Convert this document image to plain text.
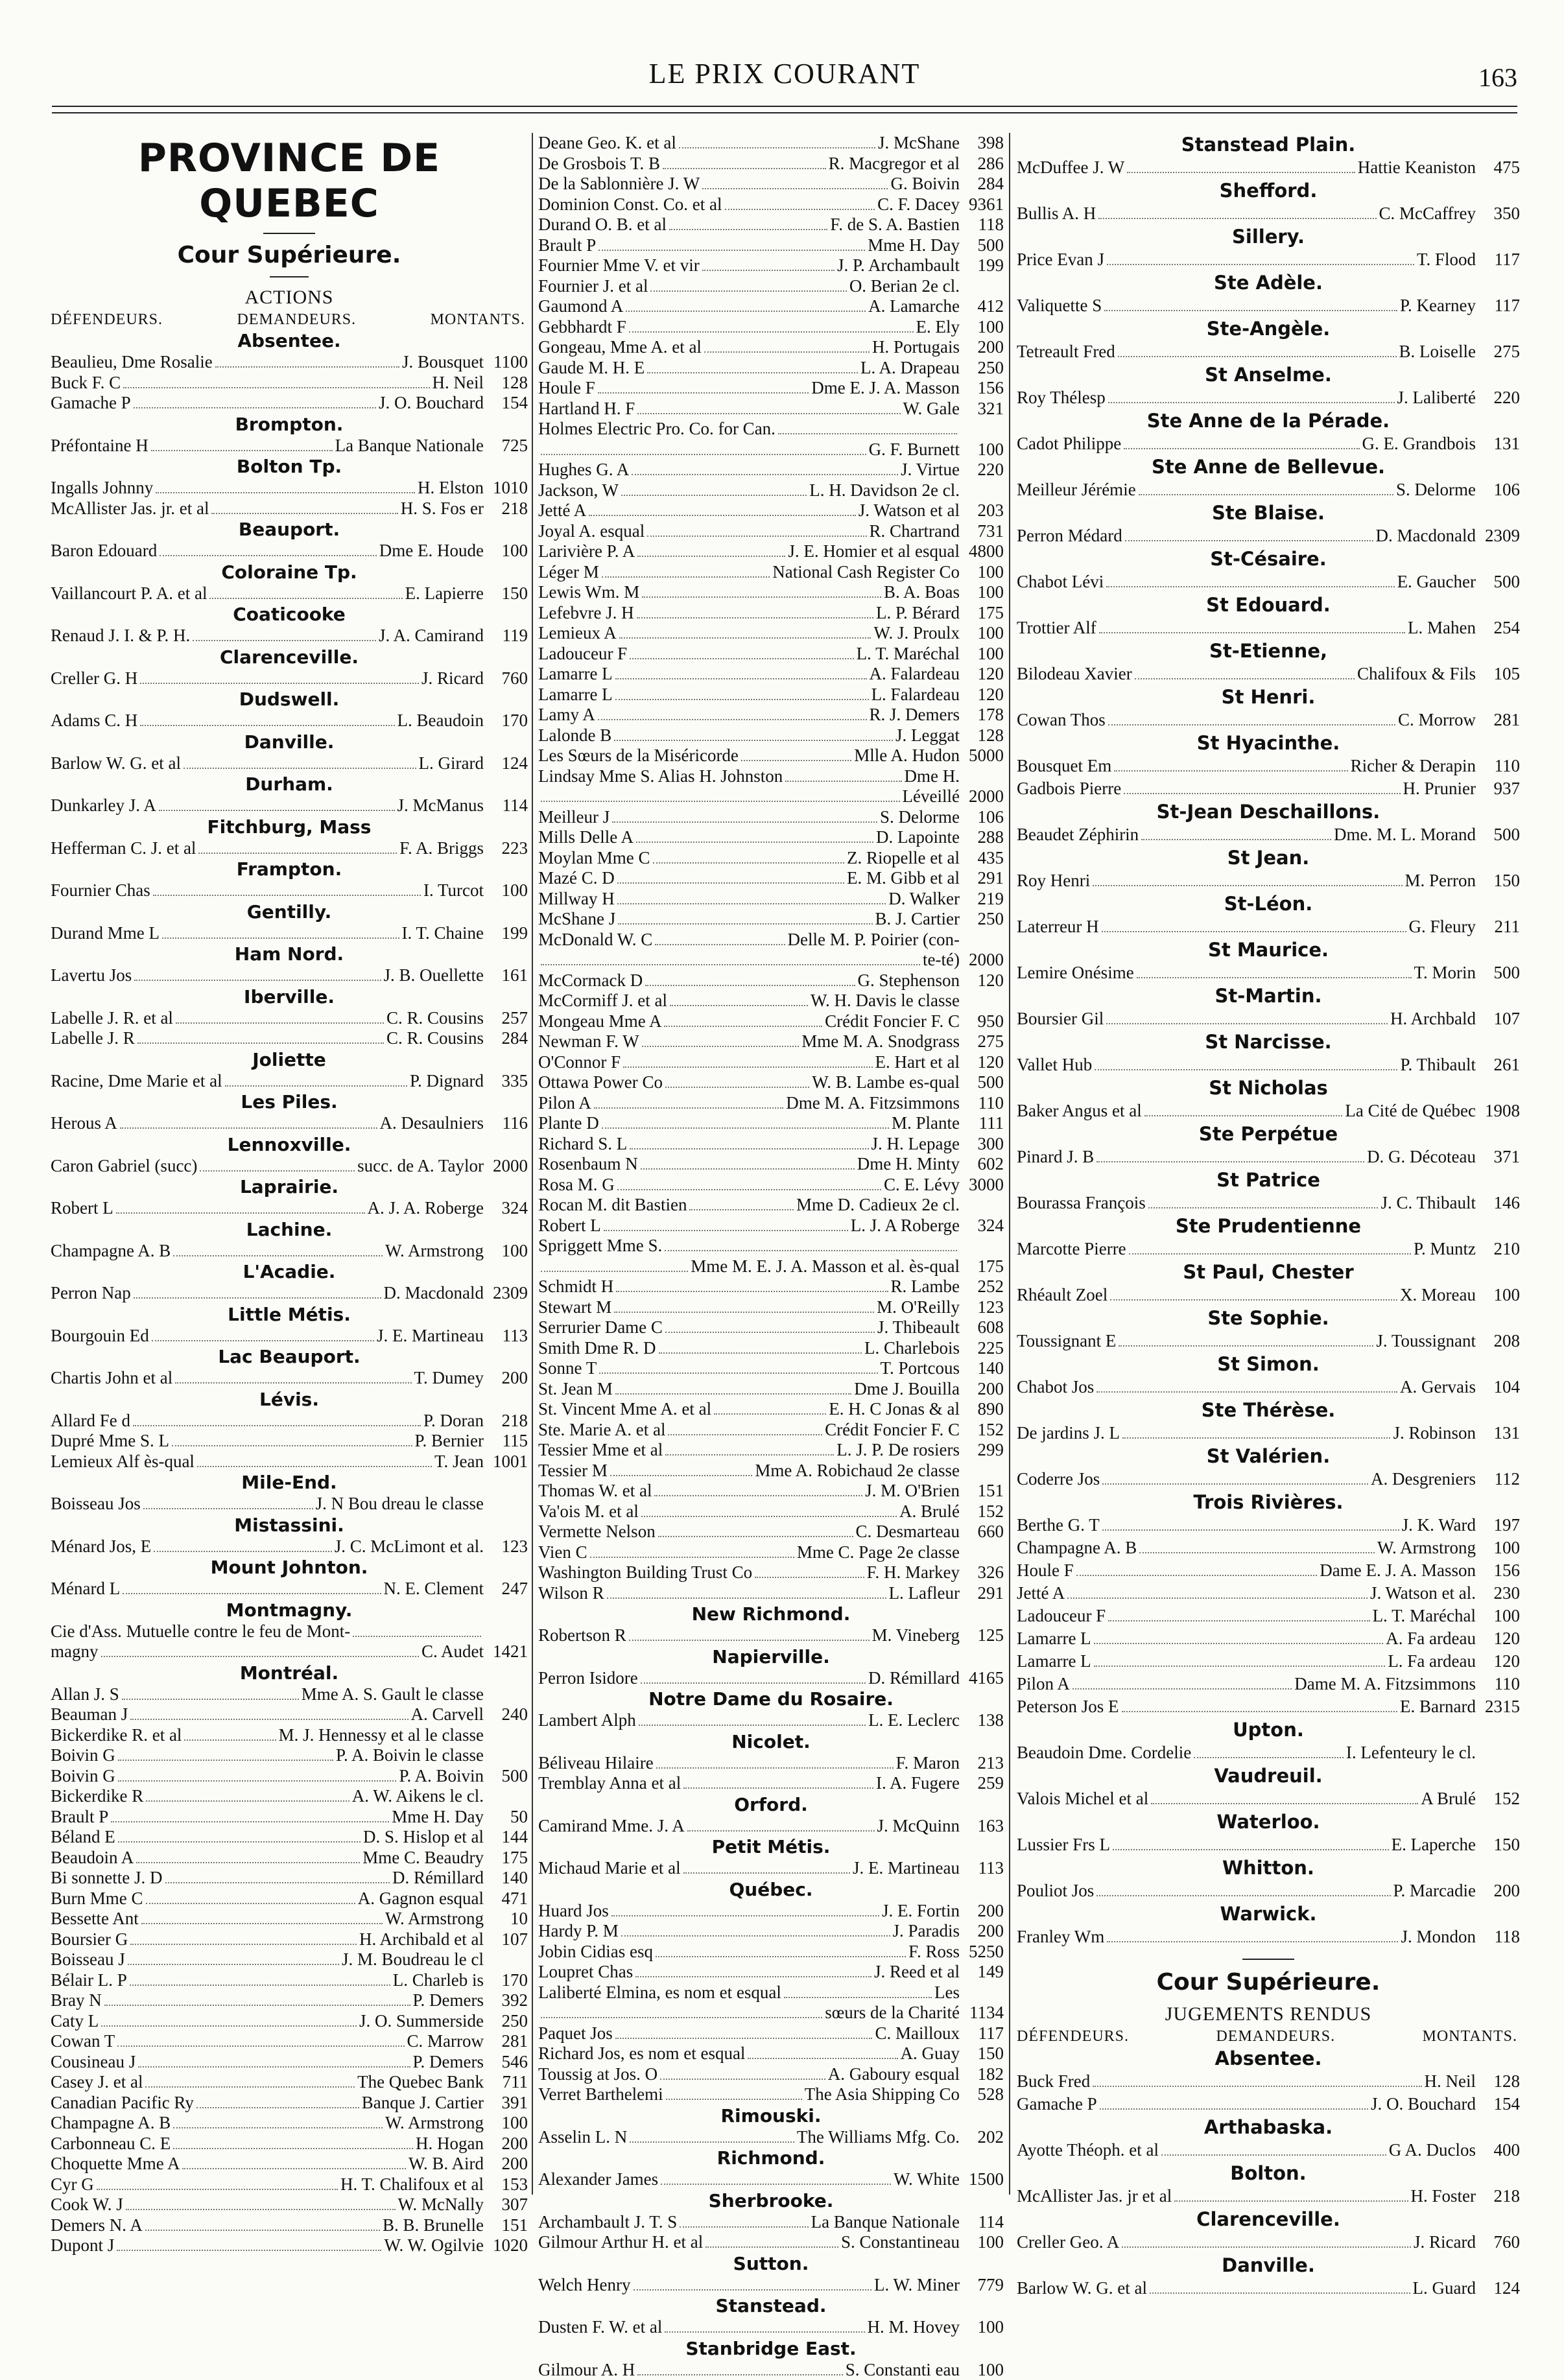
LE PRIX COURANT	163
PROVINCE DE QUEBEC
Cour Supérieure.
ACTIONS
DÉFENDEURS.	DEMANDEURS.	MONTANTS.
Absentee.
Beaulieu, Dme Rosalie	J. Bousquet 1100
Buck F. C	H. Neil	128
Gamache P	J. O. Bouchard	154
Brompton.
Préfontaine H	La Banque Nationale	725
Bolton Tp.
Ingalls Johnny	H. Elston 1010
McAllister Jas. jr. et al	H. S. Fos er	218
Beauport.
Baron Edouard	Dme E. Houde	100
Coloraine Tp.
Vaillancourt P. A. et al	E. Lapierre	150
Coaticooke
Renaud J. I. & P. H.	J. A. Camirand	119
Clarenceville.
Creller G. H	J. Ricard	760
Dudswell.
Adams C. H	L. Beaudoin	170
Danville.
Barlow W. G. et al	L. Girard	124
Durham.
Dunkarley J. A	J. McManus	114
Fitchburg, Mass
Hefferman C. J. et al	F. A. Briggs	223
Frampton.
Fournier Chas	I. Turcot	100
Gentilly.
Durand Mme L	I. T. Chaine	199
Ham Nord.
Lavertu Jos	J. B. Ouellette	161
Iberville.
Labelle J. R. et al	C. R. Cousins	257
Labelle J. R	C. R. Cousins	284
Joliette
Racine, Dme Marie et al	P. Dignard	335
Les Piles.
Herous A	A. Desaulniers	116
Lennoxville.
Caron Gabriel (succ)	succ. de A. Taylor 2000
Laprairie.
Robert L	A. J. A. Roberge	324
Lachine.
Champagne A. B	W. Armstrong	100
L'Acadie.
Perron Nap	D. Macdonald 2309
Little Métis.
Bourgouin Ed	J. E. Martineau	113
Lac Beauport.
Chartis John et al	T. Dumey	200
Lévis.
Allard Fe d	P. Doran	218
Dupré Mme S. L	P. Bernier	115
Lemieux Alf ès-qual	T. Jean 1001
Mile-End.
Boisseau Jos	J. N Bou dreau le classe
Mistassini.
Ménard Jos, E	J. C. McLimont et al.	123
Mount Johnton.
Ménard L	N. E. Clement	247
Montmagny.
Cie d'Ass. Mutuelle contre le feu de Mont-
magny	C. Audet 1421
Montréal.
Allan J. S	Mme A. S. Gault le classe
Beauman J	A. Carvell	240
Bickerdike R. et al	M. J. Hennessy et al le classe
Boivin G	P. A. Boivin le classe
Boivin G	P. A. Boivin	500
Bickerdike R	A. W. Aikens le cl.
Brault P	Mme H. Day	50
Béland E	D. S. Hislop et al	144
Beaudoin A	Mme C. Beaudry	175
Bi sonnette J. D	D. Rémillard	140
Burn Mme C	A. Gagnon esqual	471
Bessette Ant	W. Armstrong	10
Boursier G	H. Archibald et al	107
Boisseau J	J. M. Boudreau le cl
Bélair L. P	L. Charleb is	170
Bray N	P. Demers	392
Caty L	J. O. Summerside	250
Cowan T	C. Marrow	281
Cousineau J	P. Demers	546
Casey J. et al	The Quebec Bank	711
Canadian Pacific Ry	Banque J. Cartier	391
Champagne A. B	W. Armstrong	100
Carbonneau C. E	H. Hogan	200
Choquette Mme A	W. B. Aird	200
Cyr G	H. T. Chalifoux et al	153
Cook W. J	W. McNally	307
Demers N. A	B. B. Brunelle	151
Dupont J	W. W. Ogilvie 1020
Deane Geo. K. et al	J. McShane	398
De Grosbois T. B	R. Macgregor et al	286
De la Sablonnière J. W	G. Boivin	284
Dominion Const. Co. et al	C. F. Dacey 9361
Durand O. B. et al	F. de S. A. Bastien	118
Brault P	Mme H. Day	500
Fournier Mme V. et vir	J. P. Archambault	199
Fournier J. et al	O. Berian 2e cl.
Gaumond A	A. Lamarche	412
Gebbhardt F	E. Ely	100
Gongeau, Mme A. et al	H. Portugais	200
Gaude M. H. E	L. A. Drapeau	250
Houle F	Dme E. J. A. Masson	156
Hartland H. F	W. Gale	321
Holmes Electric Pro. Co. for Can.
G. F. Burnett	100
Hughes G. A	J. Virtue	220
Jackson, W	L. H. Davidson 2e cl.
Jetté A	J. Watson et al	203
Joyal A. esqual	R. Chartrand	731
Larivière P. A	J. E. Homier et al esqual 4800
Léger M	National Cash Register Co	100
Lewis Wm. M	B. A. Boas	100
Lefebvre J. H	L. P. Bérard	175
Lemieux A	W. J. Proulx	100
Ladouceur F	L. T. Maréchal	100
Lamarre L	A. Falardeau	120
Lamarre L	L. Falardeau	120
Lamy A	R. J. Demers	178
Lalonde B	J. Leggat	128
Les Sœurs de la Miséricorde	Mlle A. Hudon 5000
Lindsay Mme S. Alias H. Johnston	Dme H.
Léveillé 2000
Meilleur J	S. Delorme	106
Mills Delle A	D. Lapointe	288
Moylan Mme C	Z. Riopelle et al	435
Mazé C. D	E. M. Gibb et al	291
Millway H	D. Walker	219
McShane J	B. J. Cartier	250
McDonald W. C	Delle M. P. Poirier (con-
te-té) 2000
McCormack D	G. Stephenson	120
McCormiff J. et al	W. H. Davis le classe
Mongeau Mme A	Crédit Foncier F. C	950
Newman F. W	Mme M. A. Snodgrass	275
O'Connor F	E. Hart et al	120
Ottawa Power Co	W. B. Lambe es-qual	500
Pilon A	Dme M. A. Fitzsimmons	110
Plante D	M. Plante	111
Richard S. L	J. H. Lepage	300
Rosenbaum N	Dme H. Minty	602
Rosa M. G	C. E. Lévy 3000
Rocan M. dit Bastien	Mme D. Cadieux 2e cl.
Robert L	L. J. A Roberge	324
Spriggett Mme S.
Mme M. E. J. A. Masson et al. ès-qual	175
Schmidt H	R. Lambe	252
Stewart M	M. O'Reilly	123
Serrurier Dame C	J. Thibeault	608
Smith Dme R. D	L. Charlebois	225
Sonne T	T. Portcous	140
St. Jean M	Dme J. Bouilla	200
St. Vincent Mme A. et al	E. H. C Jonas & al	890
Ste. Marie A. et al	Crédit Foncier F. C	152
Tessier Mme et al	L. J. P. De rosiers	299
Tessier M	Mme A. Robichaud 2e classe
Thomas W. et al	J. M. O'Brien	151
Va'ois M. et al	A. Brulé	152
Vermette Nelson	C. Desmarteau	660
Vien C	Mme C. Page 2e classe
Washington Building Trust Co	F. H. Markey	326
Wilson R	L. Lafleur	291
New Richmond.
Robertson R	M. Vineberg	125
Napierville.
Perron Isidore	D. Rémillard 4165
Notre Dame du Rosaire.
Lambert Alph	L. E. Leclerc	138
Nicolet.
Béliveau Hilaire	F. Maron	213
Tremblay Anna et al	I. A. Fugere	259
Orford.
Camirand Mme. J. A	J. McQuinn	163
Petit Métis.
Michaud Marie et al	J. E. Martineau	113
Québec.
Huard Jos	J. E. Fortin	200
Hardy P. M	J. Paradis	200
Jobin Cidias esq	F. Ross 5250
Loupret Chas	J. Reed et al	149
Laliberté Elmina, es nom et esqual	Les
sœurs de la Charité 1134
Paquet Jos	C. Mailloux	117
Richard Jos, es nom et esqual	A. Guay	150
Toussig at Jos. O	A. Gaboury esqual	182
Verret Barthelemi	The Asia Shipping Co	528
Rimouski.
Asselin L. N	The Williams Mfg. Co.	202
Richmond.
Alexander James	W. White 1500
Sherbrooke.
Archambault J. T. S	La Banque Nationale	114
Gilmour Arthur H. et al	S. Constantineau	100
Sutton.
Welch Henry	L. W. Miner	779
Stanstead.
Dusten F. W. et al	H. M. Hovey	100
Stanbridge East.
Gilmour A. H	S. Constanti eau	100
Stanstead Plain.
McDuffee J. W	Hattie Keaniston	475
Shefford.
Bullis A. H	C. McCaffrey	350
Sillery.
Price Evan J	T. Flood	117
Ste Adèle.
Valiquette S	P. Kearney	117
Ste-Angèle.
Tetreault Fred	B. Loiselle	275
St Anselme.
Roy Thélesp	J. Laliberté	220
Ste Anne de la Pérade.
Cadot Philippe	G. E. Grandbois	131
Ste Anne de Bellevue.
Meilleur Jérémie	S. Delorme	106
Ste Blaise.
Perron Médard	D. Macdonald 2309
St-Césaire.
Chabot Lévi	E. Gaucher	500
St Edouard.
Trottier Alf	L. Mahen	254
St-Etienne,
Bilodeau Xavier	Chalifoux & Fils	105
St Henri.
Cowan Thos	C. Morrow	281
St Hyacinthe.
Bousquet Em	Richer & Derapin	110
Gadbois Pierre	H. Prunier	937
St-Jean Deschaillons.
Beaudet Zéphirin	Dme. M. L. Morand	500
St Jean.
Roy Henri	M. Perron	150
St-Léon.
Laterreur H	G. Fleury	211
St Maurice.
Lemire Onésime	T. Morin	500
St-Martin.
Boursier Gil	H. Archbald	107
St Narcisse.
Vallet Hub	P. Thibault	261
St Nicholas
Baker Angus et al	La Cité de Québec 1908
Ste Perpétue
Pinard J. B	D. G. Décoteau	371
St Patrice
Bourassa François	J. C. Thibault	146
Ste Prudentienne
Marcotte Pierre	P. Muntz	210
St Paul, Chester
Rhéault Zoel	X. Moreau	100
Ste Sophie.
Toussignant E	J. Toussignant	208
St Simon.
Chabot Jos	A. Gervais	104
Ste Thérèse.
De jardins J. L	J. Robinson	131
St Valérien.
Coderre Jos	A. Desgreniers	112
Trois Rivières.
Berthe G. T	J. K. Ward	197
Champagne A. B	W. Armstrong	100
Houle F	Dame E. J. A. Masson	156
Jetté A	J. Watson et al.	230
Ladouceur F	L. T. Maréchal	100
Lamarre L	A. Fa ardeau	120
Lamarre L	L. Fa ardeau	120
Pilon A	Dame M. A. Fitzsimmons	110
Peterson Jos E	E. Barnard 2315
Upton.
Beaudoin Dme. Cordelie	I. Lefenteury le cl.
Vaudreuil.
Valois Michel et al	A Brulé	152
Waterloo.
Lussier Frs L	E. Laperche	150
Whitton.
Pouliot Jos	P. Marcadie	200
Warwick.
Franley Wm	J. Mondon	118
Cour Supérieure.
JUGEMENTS RENDUS
DÉFENDEURS.	DEMANDEURS.	MONTANTS.
Absentee.
Buck Fred	H. Neil	128
Gamache P	J. O. Bouchard	154
Arthabaska.
Ayotte Théoph. et al	G A. Duclos	400
Bolton.
McAllister Jas. jr et al	H. Foster	218
Clarenceville.
Creller Geo. A	J. Ricard	760
Danville.
Barlow W. G. et al	L. Guard	124
